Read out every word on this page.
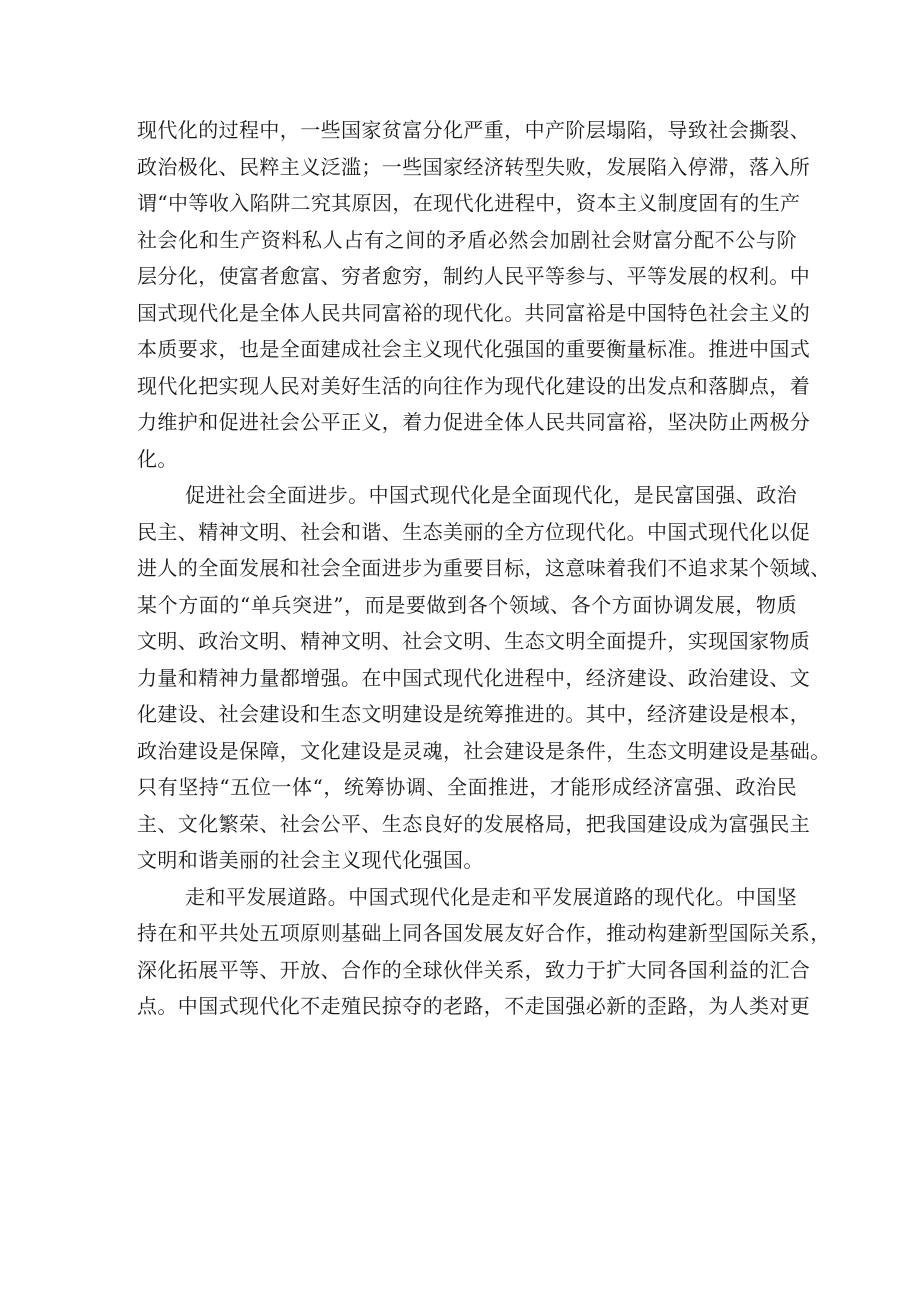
现代化的过程中，一些国家贫富分化严重，中产阶层塌陷，导致社会撕裂、
政治极化、民粹主义泛滥；一些国家经济转型失败，发展陷入停滞，落入所
谓“中等收入陷阱二究其原因，在现代化进程中，资本主义制度固有的生产
社会化和生产资料私人占有之间的矛盾必然会加剧社会财富分配不公与阶
层分化，使富者愈富、穷者愈穷，制约人民平等参与、平等发展的权利。中
国式现代化是全体人民共同富裕的现代化。共同富裕是中国特色社会主义的
本质要求，也是全面建成社会主义现代化强国的重要衡量标准。推进中国式
现代化把实现人民对美好生活的向往作为现代化建设的出发点和落脚点，着
力维护和促进社会公平正义，着力促进全体人民共同富裕，坚决防止两极分
化。
促进社会全面进步。中国式现代化是全面现代化，是民富国强、政治
民主、精神文明、社会和谐、生态美丽的全方位现代化。中国式现代化以促
进人的全面发展和社会全面进步为重要目标，这意味着我们不追求某个领域、
某个方面的“单兵突进”，而是要做到各个领域、各个方面协调发展，物质
文明、政治文明、精神文明、社会文明、生态文明全面提升，实现国家物质
力量和精神力量都增强。在中国式现代化进程中，经济建设、政治建设、文
化建设、社会建设和生态文明建设是统筹推进的。其中，经济建设是根本，
政治建设是保障，文化建设是灵魂，社会建设是条件，生态文明建设是基础。
只有坚持“五位一体“，统筹协调、全面推进，才能形成经济富强、政治民
主、文化繁荣、社会公平、生态良好的发展格局，把我国建设成为富强民主
文明和谐美丽的社会主义现代化强国。
走和平发展道路。中国式现代化是走和平发展道路的现代化。中国坚
持在和平共处五项原则基础上同各国发展友好合作，推动构建新型国际关系，
深化拓展平等、开放、合作的全球伙伴关系，致力于扩大同各国利益的汇合
点。中国式现代化不走殖民掠夺的老路，不走国强必新的歪路，为人类对更
